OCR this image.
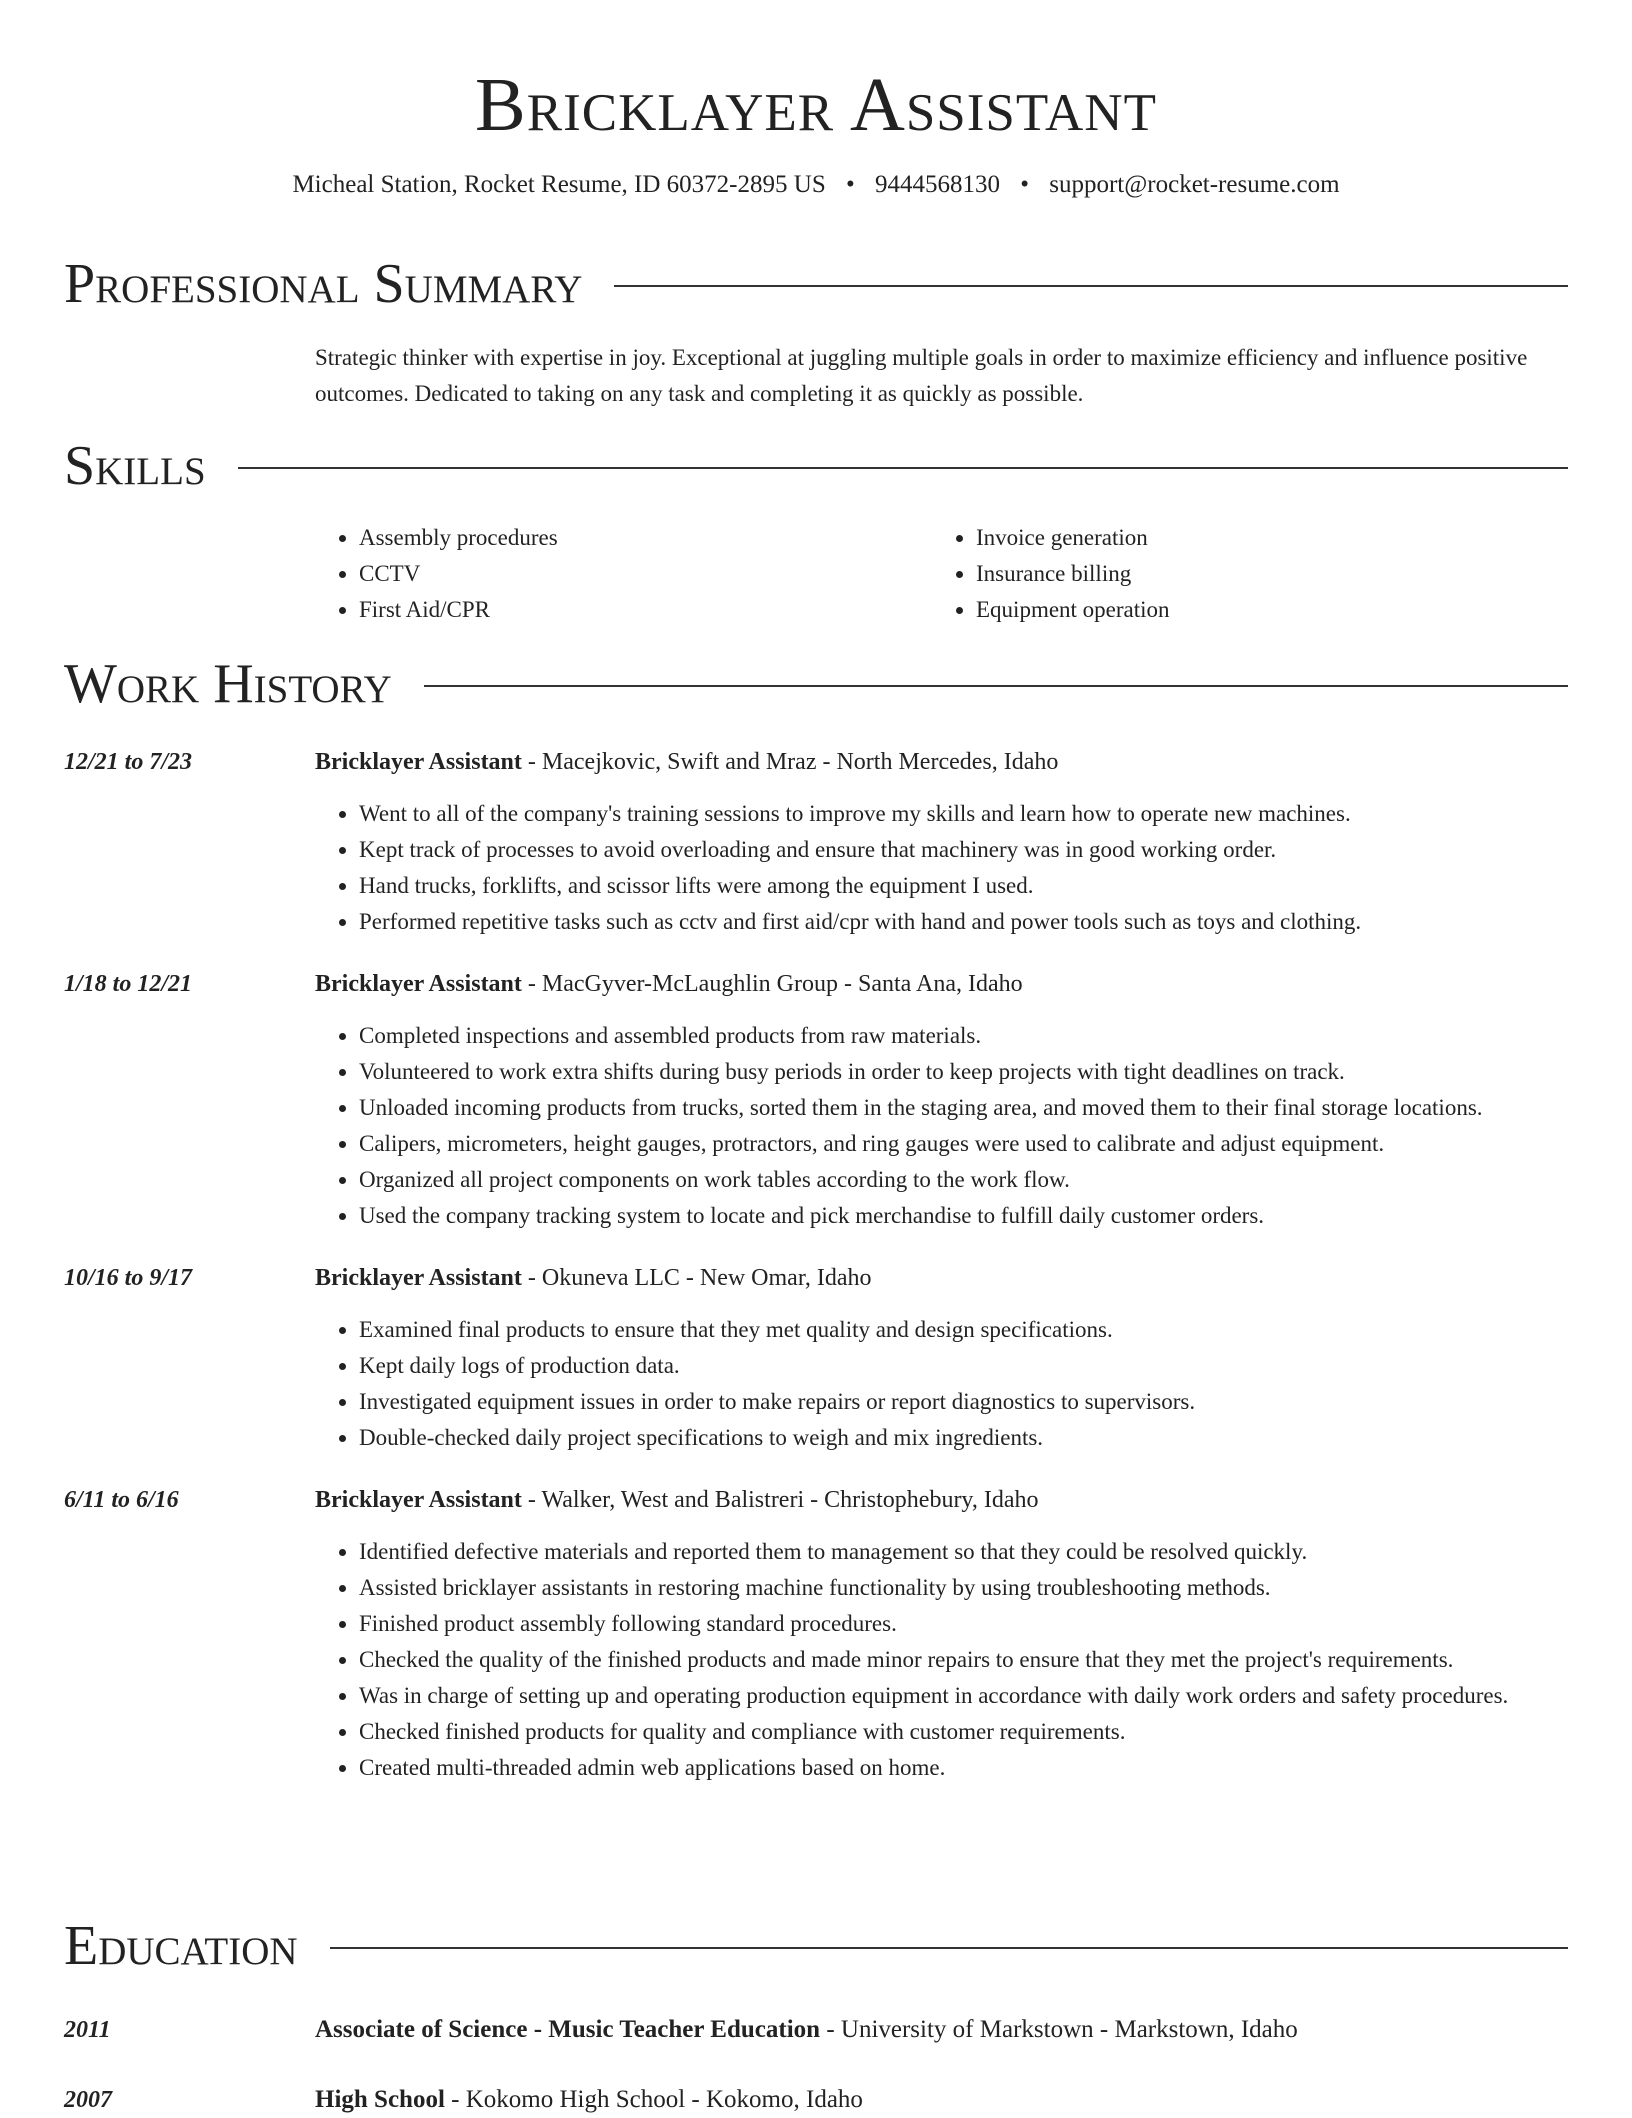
Bricklayer Assistant
Micheal Station, Rocket Resume, ID 60372-2895 US • 9444568130 • support@rocket-resume.com
Professional Summary
Strategic thinker with expertise in joy. Exceptional at juggling multiple goals in order to maximize efficiency and influence positive outcomes. Dedicated to taking on any task and completing it as quickly as possible.
Skills
• Assembly procedures
• CCTV
• First Aid/CPR
• Invoice generation
• Insurance billing
• Equipment operation
Work History
12/21 to 7/23	Bricklayer Assistant - Macejkovic, Swift and Mraz - North Mercedes, Idaho
• Went to all of the company's training sessions to improve my skills and learn how to operate new machines.
• Kept track of processes to avoid overloading and ensure that machinery was in good working order.
• Hand trucks, forklifts, and scissor lifts were among the equipment I used.
• Performed repetitive tasks such as cctv and first aid/cpr with hand and power tools such as toys and clothing.
1/18 to 12/21	Bricklayer Assistant - MacGyver-McLaughlin Group - Santa Ana, Idaho
• Completed inspections and assembled products from raw materials.
• Volunteered to work extra shifts during busy periods in order to keep projects with tight deadlines on track.
• Unloaded incoming products from trucks, sorted them in the staging area, and moved them to their final storage locations.
• Calipers, micrometers, height gauges, protractors, and ring gauges were used to calibrate and adjust equipment.
• Organized all project components on work tables according to the work flow.
• Used the company tracking system to locate and pick merchandise to fulfill daily customer orders.
10/16 to 9/17	Bricklayer Assistant - Okuneva LLC - New Omar, Idaho
• Examined final products to ensure that they met quality and design specifications.
• Kept daily logs of production data.
• Investigated equipment issues in order to make repairs or report diagnostics to supervisors.
• Double-checked daily project specifications to weigh and mix ingredients.
6/11 to 6/16	Bricklayer Assistant - Walker, West and Balistreri - Christophebury, Idaho
• Identified defective materials and reported them to management so that they could be resolved quickly.
• Assisted bricklayer assistants in restoring machine functionality by using troubleshooting methods.
• Finished product assembly following standard procedures.
• Checked the quality of the finished products and made minor repairs to ensure that they met the project's requirements.
• Was in charge of setting up and operating production equipment in accordance with daily work orders and safety procedures.
• Checked finished products for quality and compliance with customer requirements.
• Created multi-threaded admin web applications based on home.
Education
2011	Associate of Science - Music Teacher Education - University of Markstown - Markstown, Idaho
2007	High School - Kokomo High School - Kokomo, Idaho
